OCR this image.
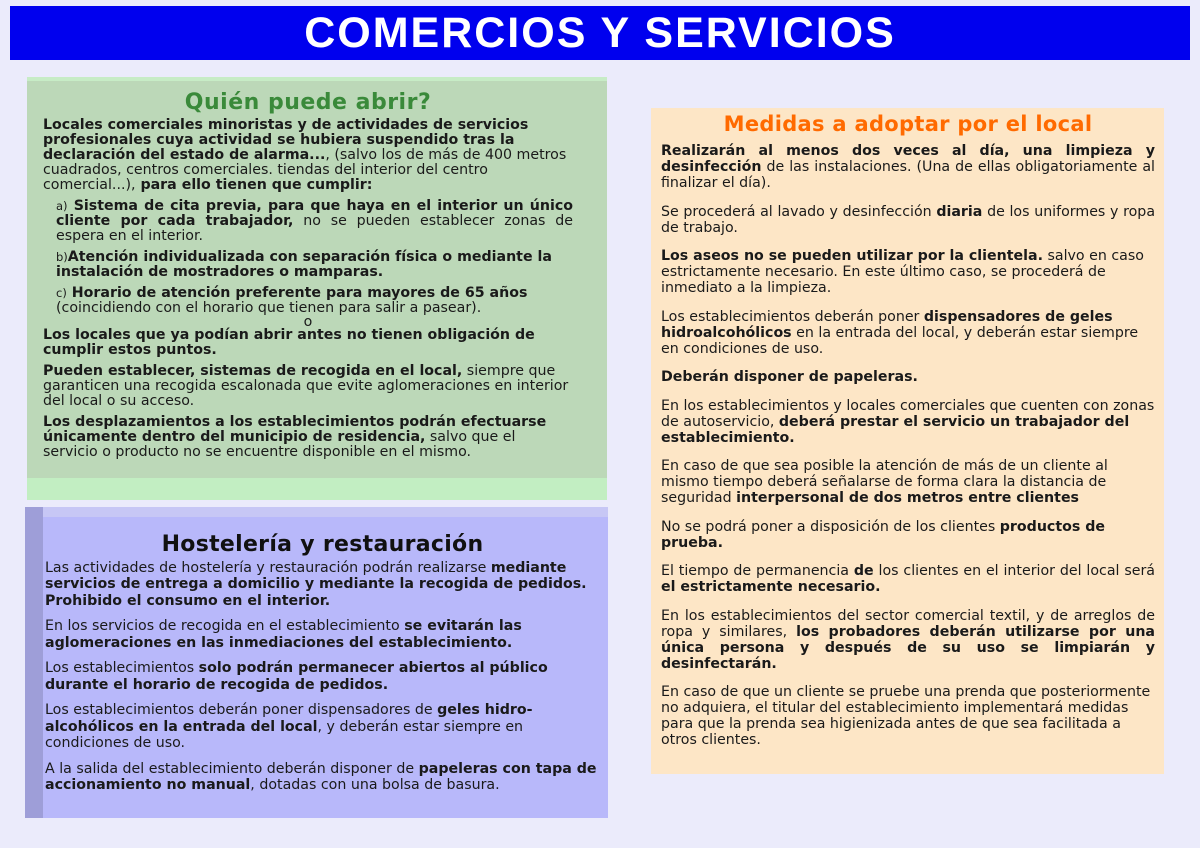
COMERCIOS Y SERVICIOS
Quién puede abrir?

Locales comerciales minoristas y de actividades de servicios profesionales cuya actividad se hubiera suspendido tras la declaración del estado de alarma..., (salvo los de más de 400 metros cuadrados, centros comerciales. tiendas del interior del centro comercial...), para ello tienen que cumplir:

a) Sistema de cita previa, para que haya en el interior un único cliente por cada trabajador, no se pueden establecer zonas de espera en el interior.

b)Atención individualizada con separación física o mediante la instalación de mostradores o mamparas.

c) Horario de atención preferente para mayores de 65 años (coincidiendo con el horario que tienen para salir a pasear).

o

Los locales que ya podían abrir antes no tienen obligación de cumplir estos puntos.

Pueden establecer, sistemas de recogida en el local, siempre que garanticen una recogida escalonada que evite aglomeraciones en interior del local o su acceso.

Los desplazamientos a los establecimientos podrán efectuarse únicamente dentro del municipio de residencia, salvo que el servicio o producto no se encuentre disponible en el mismo.

Hostelería y restauración

Las actividades de hostelería y restauración podrán realizarse mediante servicios de entrega a domicilio y mediante la recogida de pedidos. Prohibido el consumo en el interior.

En los servicios de recogida en el establecimiento se evitarán las aglomeraciones en las inmediaciones del establecimiento.

Los establecimientos solo podrán permanecer abiertos al público durante el horario de recogida de pedidos.

Los establecimientos deberán poner dispensadores de geles hidro-alcohólicos en la entrada del local, y deberán estar siempre en condiciones de uso.

A la salida del establecimiento deberán disponer de papeleras con tapa de accionamiento no manual, dotadas con una bolsa de basura.

Medidas a adoptar por el local

Realizarán al menos dos veces al día, una limpieza y desinfección de las instalaciones. (Una de ellas obligatoriamente al finalizar el día).

Se procederá al lavado y desinfección diaria de los uniformes y ropa de trabajo.

Los aseos no se pueden utilizar por la clientela. salvo en caso estrictamente necesario. En este último caso, se procederá de inmediato a la limpieza.

Los establecimientos deberán poner dispensadores de geles hidroalcohólicos en la entrada del local, y deberán estar siempre en condiciones de uso.

Deberán disponer de papeleras.

En los establecimientos y locales comerciales que cuenten con zonas de autoservicio, deberá prestar el servicio un trabajador del establecimiento.

En caso de que sea posible la atención de más de un cliente al mismo tiempo deberá señalarse de forma clara la distancia de seguridad interpersonal de dos metros entre clientes

No se podrá poner a disposición de los clientes productos de prueba.

El tiempo de permanencia de los clientes en el interior del local será el estrictamente necesario.

En los establecimientos del sector comercial textil, y de arreglos de ropa y similares, los probadores deberán utilizarse por una única persona y después de su uso se limpiarán y desinfectarán.

En caso de que un cliente se pruebe una prenda que posteriormente no adquiera, el titular del establecimiento implementará medidas para que la prenda sea higienizada antes de que sea facilitada a otros clientes.
